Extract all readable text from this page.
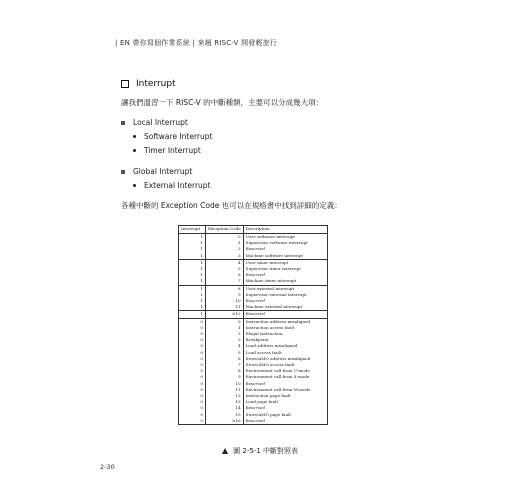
| EN 帶你寫個作業系統 | 來趟 RISC-V 開發輕旅行
Interrupt
讓我們溫習一下 RISC-V 的中斷種類，主要可以分成幾大項：
Local Interrupt
Software Interrupt
Timer Interrupt
Global Interrupt
External Interrupt
各種中斷的 Exception Code 也可以在規格書中找到詳細的定義：
Interrupt	Exception Code	Description
1	0	User software interrupt
1	1	Supervisor software interrupt
1	2	Reserved
1	3	Machine software interrupt
1	4	User timer interrupt
1	5	Supervisor timer interrupt
1	6	Reserved
1	7	Machine timer interrupt
1	8	User external interrupt
1	9	Supervisor external interrupt
1	10	Reserved
1	11	Machine external interrupt
1	≥12	Reserved
0	0	Instruction address misaligned
0	1	Instruction access fault
0	2	Illegal instruction
0	3	Breakpoint
0	4	Load address misaligned
0	5	Load access fault
0	6	Store/AMO address misaligned
0	7	Store/AMO access fault
0	8	Environment call from U-mode
0	9	Environment call from S-mode
0	10	Reserved
0	11	Environment call from M-mode
0	12	Instruction page fault
0	13	Load page fault
0	14	Reserved
0	15	Store/AMO page fault
0	≥16	Reserved
圖 2-5-1 中斷對照表
2-30
